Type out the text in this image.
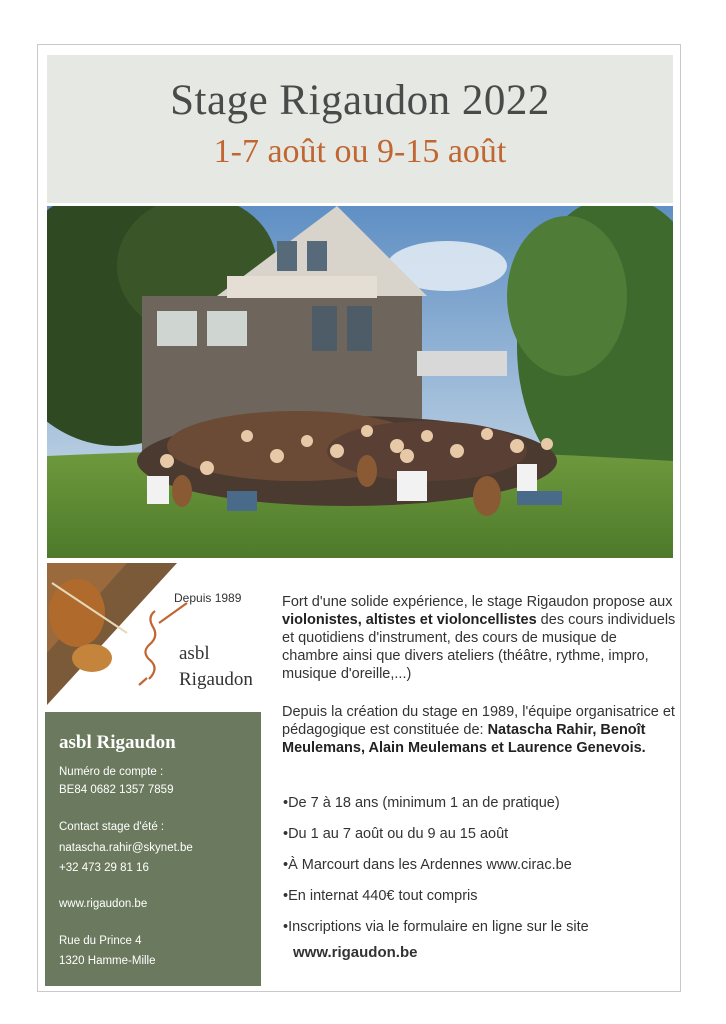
Stage Rigaudon 2022
1-7 août ou 9-15 août
Depuis 1989
asbl
Rigaudon
asbl Rigaudon
Numéro de compte :
BE84 0682 1357 7859
Contact stage d'été :
natascha.rahir@skynet.be
+32 473 29 81 16
www.rigaudon.be
Rue du Prince 4
1320 Hamme-Mille

Fort d'une solide expérience, le stage Rigaudon propose aux violonistes, altistes et violoncellistes des cours individuels et quotidiens d'instrument, des cours de musique de chambre ainsi que divers ateliers (théâtre, rythme, impro, musique d'oreille,...)

Depuis la création du stage en 1989, l'équipe organisatrice et pédagogique est constituée de: Natascha Rahir, Benoît Meulemans, Alain Meulemans et Laurence Genevois.

•De 7 à 18 ans (minimum 1 an de pratique)
•Du 1 au 7 août ou du 9 au 15 août
•À Marcourt dans les Ardennes www.cirac.be
•En internat 440€ tout compris
•Inscriptions via le formulaire en ligne sur le site
www.rigaudon.be
